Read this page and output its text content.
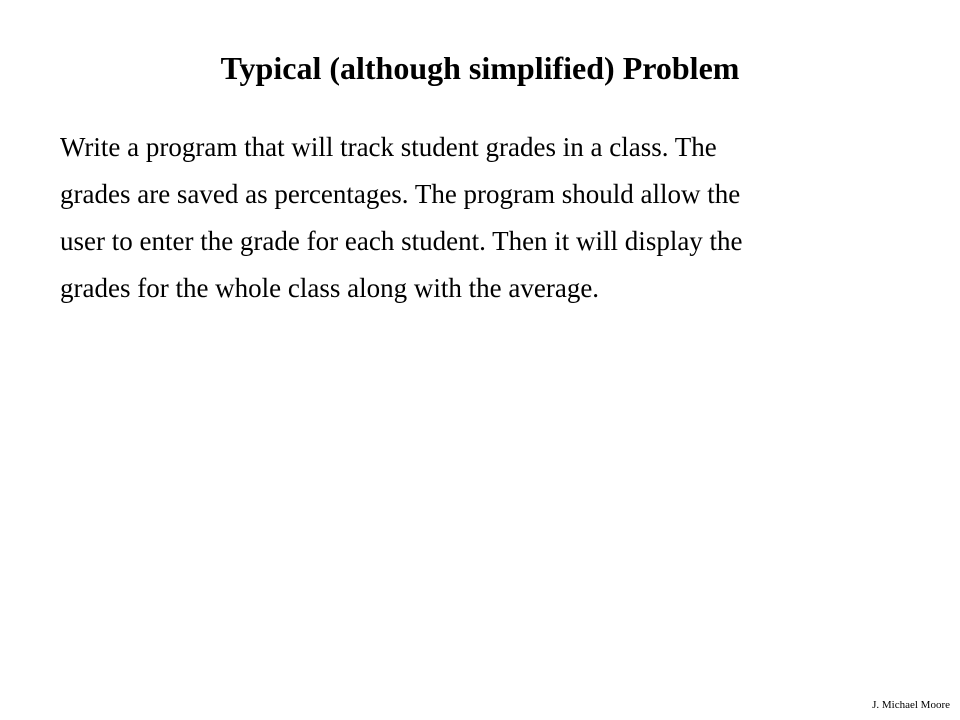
Typical (although simplified) Problem
Write a program that will track student grades in a class. The
grades are saved as percentages. The program should allow the
user to enter the grade for each student. Then it will display the
grades for the whole class along with the average.
J. Michael Moore
